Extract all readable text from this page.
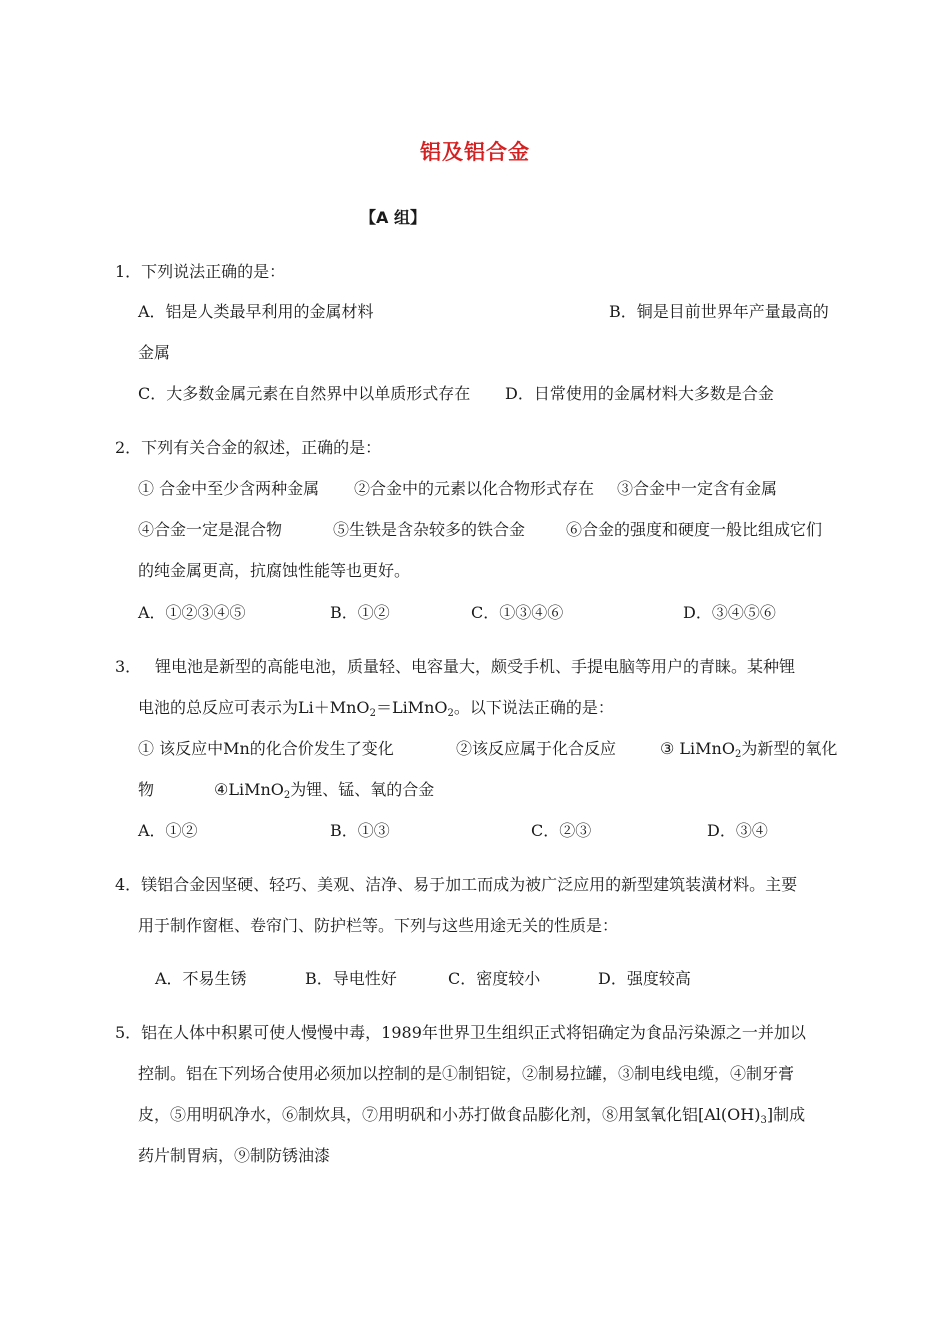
铝及铝合金
【A 组】
1．下列说法正确的是：
A．铝是人类最早利用的金属材料	B．铜是目前世界年产量最高的
金属
C．大多数金属元素在自然界中以单质形式存在 D．日常使用的金属材料大多数是合金
2．下列有关合金的叙述，正确的是：
① 合金中至少含两种金属 ②合金中的元素以化合物形式存在 ③合金中一定含有金属
④合金一定是混合物	⑤生铁是含杂较多的铁合金	⑥合金的强度和硬度一般比组成它们
的纯金属更高，抗腐蚀性能等也更好。
A．①②③④⑤	B．①②	C．①③④⑥	D．③④⑤⑥
3． 锂电池是新型的高能电池，质量轻、电容量大，颇受手机、手提电脑等用户的青睐。某种锂
电池的总反应可表示为Li＋MnO$_2$＝LiMnO$_2$。以下说法正确的是：
① 该反应中Mn的化合价发生了变化	②该反应属于化合反应	③ LiMnO$_2$为新型的氧化
物	④LiMnO$_2$为锂、锰、氧的合金
A．①②	B．①③	C．②③	D．③④
4．镁铝合金因坚硬、轻巧、美观、洁净、易于加工而成为被广泛应用的新型建筑装潢材料。主要
用于制作窗框、卷帘门、防护栏等。下列与这些用途无关的性质是：
A．不易生锈	B．导电性好	C．密度较小	D．强度较高
5．铝在人体中积累可使人慢慢中毒，1989年世界卫生组织正式将铝确定为食品污染源之一并加以
控制。铝在下列场合使用必须加以控制的是①制铝锭，②制易拉罐，③制电线电缆，④制牙膏
皮，⑤用明矾净水，⑥制炊具，⑦用明矾和小苏打做食品膨化剂，⑧用氢氧化铝$[Al(OH)_3]$制成
药片制胃病，⑨制防锈油漆
